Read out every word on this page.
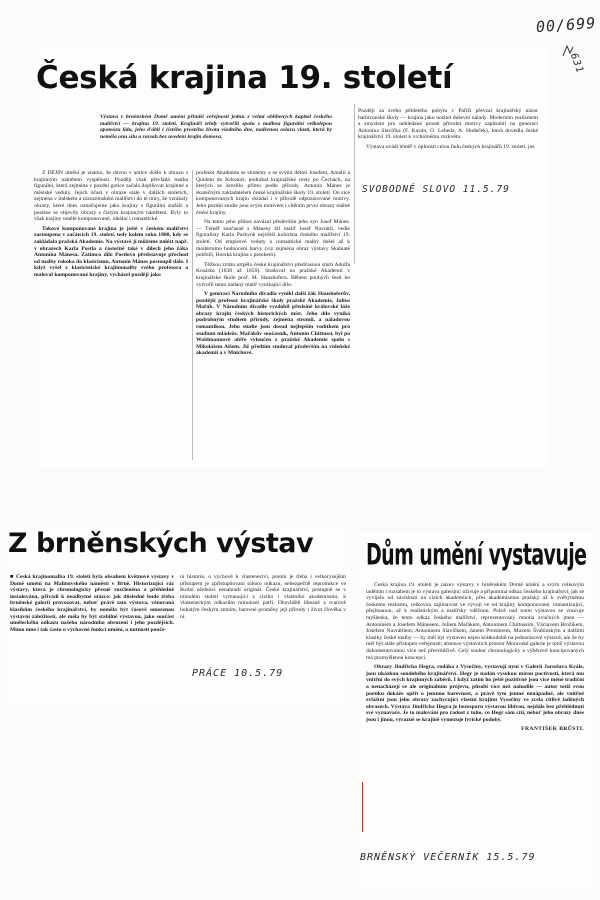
00/699
631
Česká krajina 19. století
Výstava v brněnském Domě umění přináší veřejnosti jednu z velmi oblíbených kapitol českého malířství — krajinu 19. století. Krajináři tehdy vytvořili spolu s malbou figurální velkolepou apoteózu lidu, jeho ďábli i čistého prostého života všedního dne, nadšenou oslavu vlasti, která by neměla onu sílu a rozsah bez uvedení krajin domova.

Z DĚJIN umění je známo, že dávno v antice došlo k obrazu s krajinným námětem vyspělosti. Později však převládá malba figurální, která zejména v pozdní gotice začala doplňovat krajinné a městské veduty. Jejich účast v obraze stále v dalších stoletích, zejména v italském a nizozemském malířství do té míry, že vznikaly obrazy, které dnes označujeme jako krajiny s figurální stafáží a posléze se objevily obrazy s čistým krajinným námětem. Byly to však krajiny umělé komponované, ideální i romantické.

Takové komponované krajina je ještě v českém malířství zastoupena v začátcích 19. století, tedy kolem roku 1800, kdy se zakládala pražská Akademie. Na výstavě jí můžeme nalézt např. v obrazech Karla Postla a částečně také v dílech jeho žáka Antonína Mánesa. Zatímco dílo Postlovo představuje přechod od malby rokoka do klasicismu, Antonín Mánes postoupil dále. I když vyšel z klasicistické krajinomalby svého profesora a maloval komponované krajiny, vycházel později jako

profesor Akademie se studenty a se svými dětmi Josefem, Amálií a Quidem do Krkonoš, podnikal krajinářské cesty po Čechách, na kterých se kreslilo přímo podle přírody. Antonín Mánes je skutečným zakladatelem české krajinářské školy 19. století. On sice komponovaných krajin vkládal i v přírodě odpozorované motivy. Jeho pozdní studie jsou svým motivem i citěním první obrazy reálné české krajiny.

Na tento jeho přínos navázal především jeho syn Josef Mánes. — Téměř současně s Mánesy žil malíř Josef Navrátil, vedle figuralisty Karla Purkyně největší kolorista českého malířství 19. století. Od empirové veduty o romantické malby došel až k modernímu hodnocení barvy (viz zejména obraz výstavy Skalnaté pobřeží, Horská krajina s potokem).

Těžkou ztrátu utrpělo české krajinářství předčasnou smrtí Adolfa Kosárka (1830 až 1859). Studoval na pražské Akademii v krajinářské škole prof. M. Haushofera. Během pouhých šesti let vytvořil tento nadaný malíř vynikající dílo.

V generaci Národního divadla vynikl další žák Haushoferův, pozdější profesor krajinářské školy pražské Akademie, Julius Mařák. V Národním divadle vyzdobil předsíně královské lóže obrazy krajin českých historických míst. Jeho dílo vyniká podrobným studiem přírody, zejména stromů, a náladovou romantikou. Jeho studie jsou dosud nejlepším vodítkem pro studium mládeže. Mařákův současník, Antonín Chittussi, byl po Woldmannově aféře vyloučen z pražské Akademie spolu s Mikolášem Alšem. Již předtím studoval především na vídeňské akademii a v Mnichově.

Později za svého pětiletého pobytu v Paříži převzal krajinářský názor barbizonské školy — krajina jako nositel duševní nálady. Moderním realismem a smyslem pro nehledané prosté přírodní motivy zapůsobil na generaci Antonína Slavíčka (F. Kaván, O. Lebeda, A. Hudeček), která dovedla české krajinářství 19. století k vrcholnému rozkvětu.

Výstava uvádí téměř v úplnosti celou řadu českých krajinářů 19. století. jos

SVOBODNÉ SLOVO 11.5.79
Z brněnských výstav
■ Česká krajinomalba 19. století byla obsahem květnové výstavy v Domě umění na Malinovského náměstí v Brně. Historizující ráz výstavy, která je chronologicky přesně rozčleněna a přehledně instalována, přivádí k neodbytné otázce: jak důsledně bude třeba brněnské galerii provozovat, neboť právě tato výstava, věnovaná klasikům českého krajinářství, by neměla být časově omezenou výstavní záležitostí, ale měla by být stabilně výstavou, jako součást uměleckého odkazu našeho národního obrození i jeho pozdějších. Mimo mne i tak často o výchovné funkci umění, o nutnosti pouče-
ní historie, o výchově k vlastenectví, potom je třeba i velkorysejším přístupem je zpřístupňovaní tohoto odkazu, nebezpečně reprodukce ve školní učebnici nenahradí originál. České krajinářství, postupně se v minulém století vymanující z cizího i vlastního akademismu, k vlasteneckým odkazům minulosti patří. Obzvláště líbezné a tvarově bohatým českým zemím, barevné proměny její přírody i život člověka v ní.
PRÁCE 10.5.79
Dům umění vystavuje

Česká krajina 19. století je název výstavy v brněnském Domě umění a svým celkovým laděním i rozsahem je to výstava galerijní; oživuje a připomíná odkaz českého krajinářství, jak se vyvíjelo od závislosti na cizích akademiích, přes akademismus pražský až k svébytnému českému realismu, celkovou zajímavost ve vývoji ve od krajiny komponované, romantizující, přejímanou, až k realistickým a malířsky vděčnou. Právě nad touto výstavou se vnucuje myšlenka, že tento odkaz českého malířství, reprezentovaný mnoha zvučných jmen — Antonínem a Josefem Mánesem, Juliem Mařákem, Antonínem Chittussim, Václavem Brožíkem, Josefem Navrátilem, Antonínem Slavíčkem, Janem Preislerem, Maxem Švabinským a dalšími klasiky české malby — by měl být vystaven nejen krátkodobě na jednorázové výstavě, ale že by měl být stále přístupen veřejnosti; absence výstavních prostor Moravské galerie je totiž výstavou dokumentovanou více než přesvědčivě. Celý soubor chronologicky a výběrově koncipovaných má promyšlenou koncepci.

Obrazy Jindřicha Hegra, rodáka z Vysočiny, vystavují nyní v Galerii Jaroslava Krále, jsou ukázkou soudobého krajinářství. Hegr je nadán vysokou mírou poctivosti, která mu vnitřní do svých krajinných záběrů. I když zatím ho ještě pozitivně jsou více méně tradiční a nenacházejí se ale originálním projevu, působí více než nahodile — autor totiž svou poetiku dokáže opřít o jemnou barevnost, a právě tyto jemné nenápadné, ale vnitřně zvláštní jsou jeho obrazy zachycující vlastní krajinu Vysočiny ve zcela citlivě laděných obrazech. Výstava Jindřicha Hegra je bezesporu výstavou líbivou, nejdále bez přehlédnutí své vyznavače. Je to malování pro radost z toho, co Hegr sám cítí, neboť jeho obrazy dnes jsou i jinou, výrazně se krajině vymezuje lyrické podoby.

FRANTIŠEK BRŮSTL
BRNĚNSKÝ VEČERNÍK 15.5.79
